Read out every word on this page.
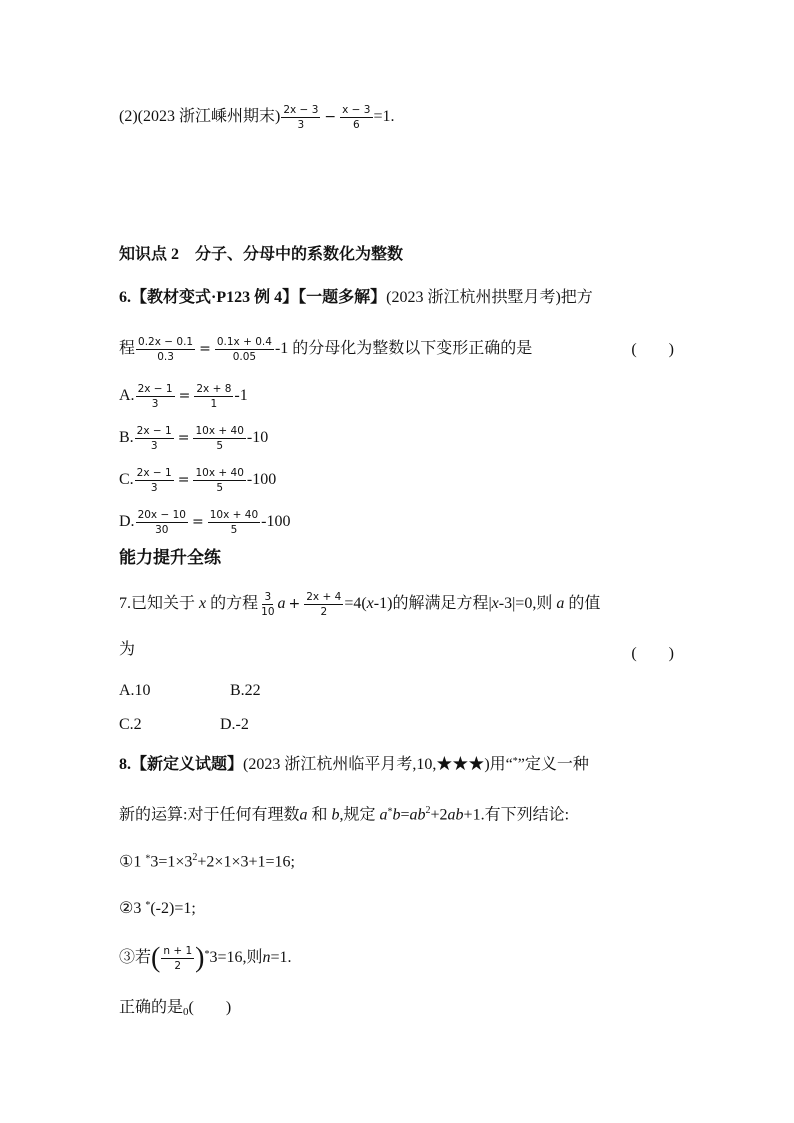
(2)(2023 浙江嵊州期末) $\frac{2x - 3}{3} - \frac{x - 3}{6} =1$.
知识点 2　分子、分母中的系数化为整数
6.【教材变式·P123 例 4】【一题多解】(2023 浙江杭州拱墅月考)把方
程 $\frac{0.2x - 0.1}{0.3} = \frac{0.1x + 0.4}{0.05} -1$ 的分母化为整数以下变形正确的是	(　　)
A. $\frac{2x - 1}{3} = \frac{2x + 8}{1} -1$
B. $\frac{2x - 1}{3} = \frac{10x + 40}{5} -10$
C. $\frac{2x - 1}{3} = \frac{10x + 40}{5} -100$
D. $\frac{20x - 10}{30} = \frac{10x + 40}{5} -100$
能力提升全练
7.已知关于 x 的方程 $\frac{3}{10}$ $a + \frac{2x + 4}{2} =4(x-1)$的解满足方程|x-3|=0,则 a 的值
为	(　　)
A.10	B.22
C.2	D.-2
8.【新定义试题】(2023 浙江杭州临平月考,10,★★★)用“*”定义一种
新的运算:对于任何有理数a 和 b,规定 $a^*b=ab^2+2ab+1$.有下列结论:
①1 $^*3=1\times 3^2+2\times 1\times 3+1=16$;
②3 *(-2)=1;
③若( $\frac{n + 1}{2} )^*3=16$,则n=1.
正确的是0(　　)
